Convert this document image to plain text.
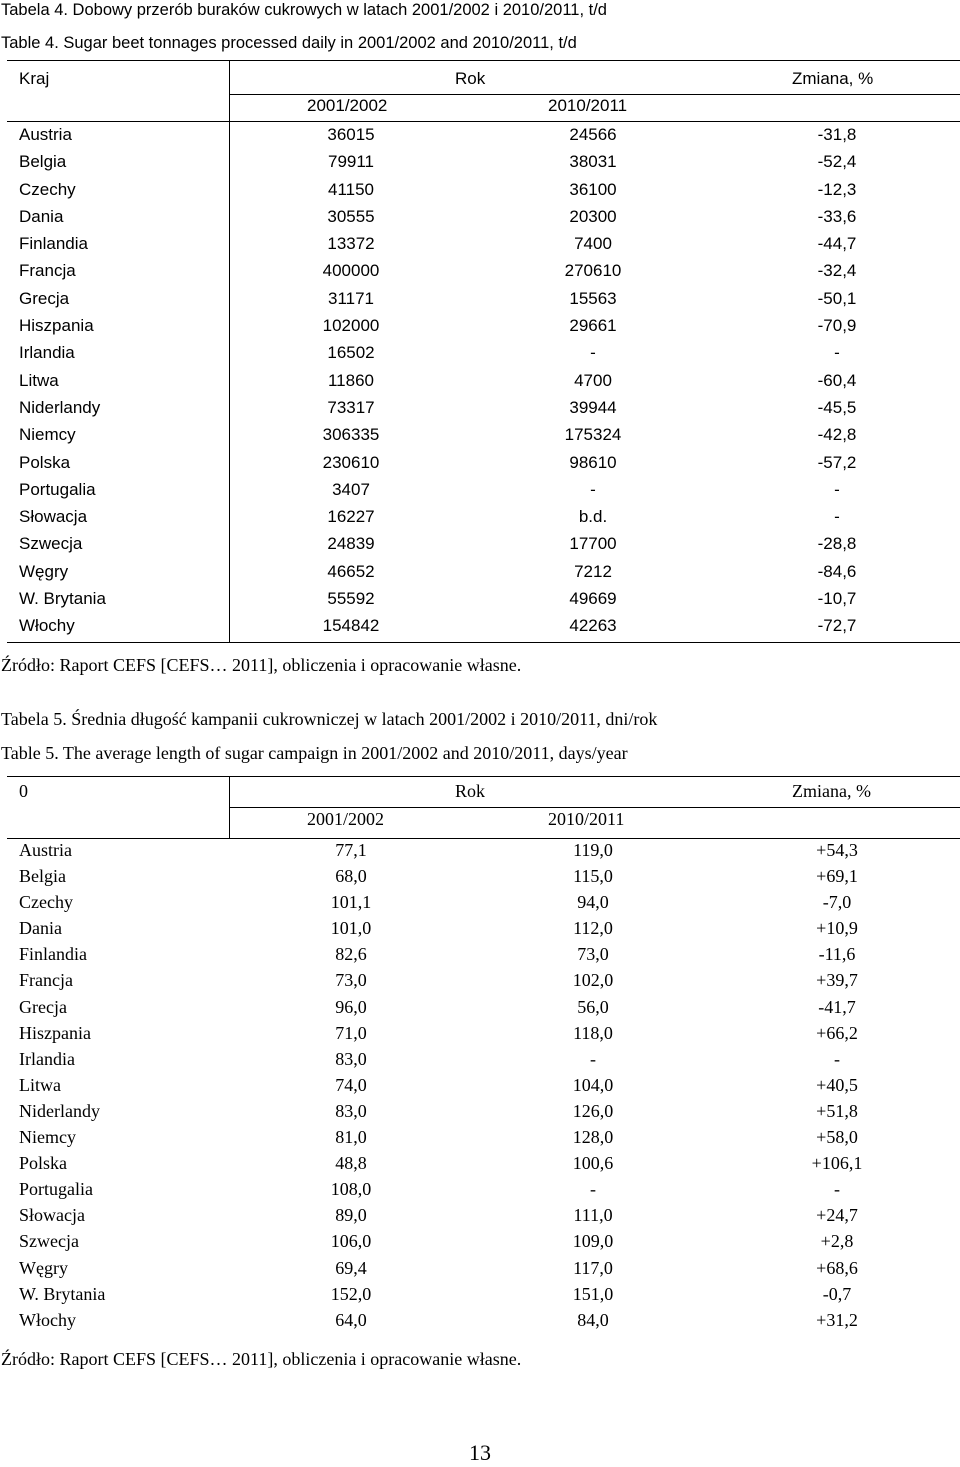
Tabela 4. Dobowy przerób buraków cukrowych w latach 2001/2002 i 2010/2011, t/d
Table 4. Sugar beet tonnages processed daily in 2001/2002 and 2010/2011, t/d
Kraj	Rok	Zmiana, %
2001/2002	2010/2011
Austria	36015	24566	-31,8
Belgia	79911	38031	-52,4
Czechy	41150	36100	-12,3
Dania	30555	20300	-33,6
Finlandia	13372	7400	-44,7
Francja	400000	270610	-32,4
Grecja	31171	15563	-50,1
Hiszpania	102000	29661	-70,9
Irlandia	16502	-	-
Litwa	11860	4700	-60,4
Niderlandy	73317	39944	-45,5
Niemcy	306335	175324	-42,8
Polska	230610	98610	-57,2
Portugalia	3407	-	-
Słowacja	16227	b.d.	-
Szwecja	24839	17700	-28,8
Węgry	46652	7212	-84,6
W. Brytania	55592	49669	-10,7
Włochy	154842	42263	-72,7
Źródło: Raport CEFS [CEFS… 2011], obliczenia i opracowanie własne.
Tabela 5. Średnia długość kampanii cukrowniczej w latach 2001/2002 i 2010/2011, dni/rok
Table 5. The average length of sugar campaign in 2001/2002 and 2010/2011, days/year
0	Rok	Zmiana, %
2001/2002	2010/2011
Austria	77,1	119,0	+54,3
Belgia	68,0	115,0	+69,1
Czechy	101,1	94,0	-7,0
Dania	101,0	112,0	+10,9
Finlandia	82,6	73,0	-11,6
Francja	73,0	102,0	+39,7
Grecja	96,0	56,0	-41,7
Hiszpania	71,0	118,0	+66,2
Irlandia	83,0	-	-
Litwa	74,0	104,0	+40,5
Niderlandy	83,0	126,0	+51,8
Niemcy	81,0	128,0	+58,0
Polska	48,8	100,6	+106,1
Portugalia	108,0	-	-
Słowacja	89,0	111,0	+24,7
Szwecja	106,0	109,0	+2,8
Węgry	69,4	117,0	+68,6
W. Brytania	152,0	151,0	-0,7
Włochy	64,0	84,0	+31,2
Źródło: Raport CEFS [CEFS… 2011], obliczenia i opracowanie własne.
13
